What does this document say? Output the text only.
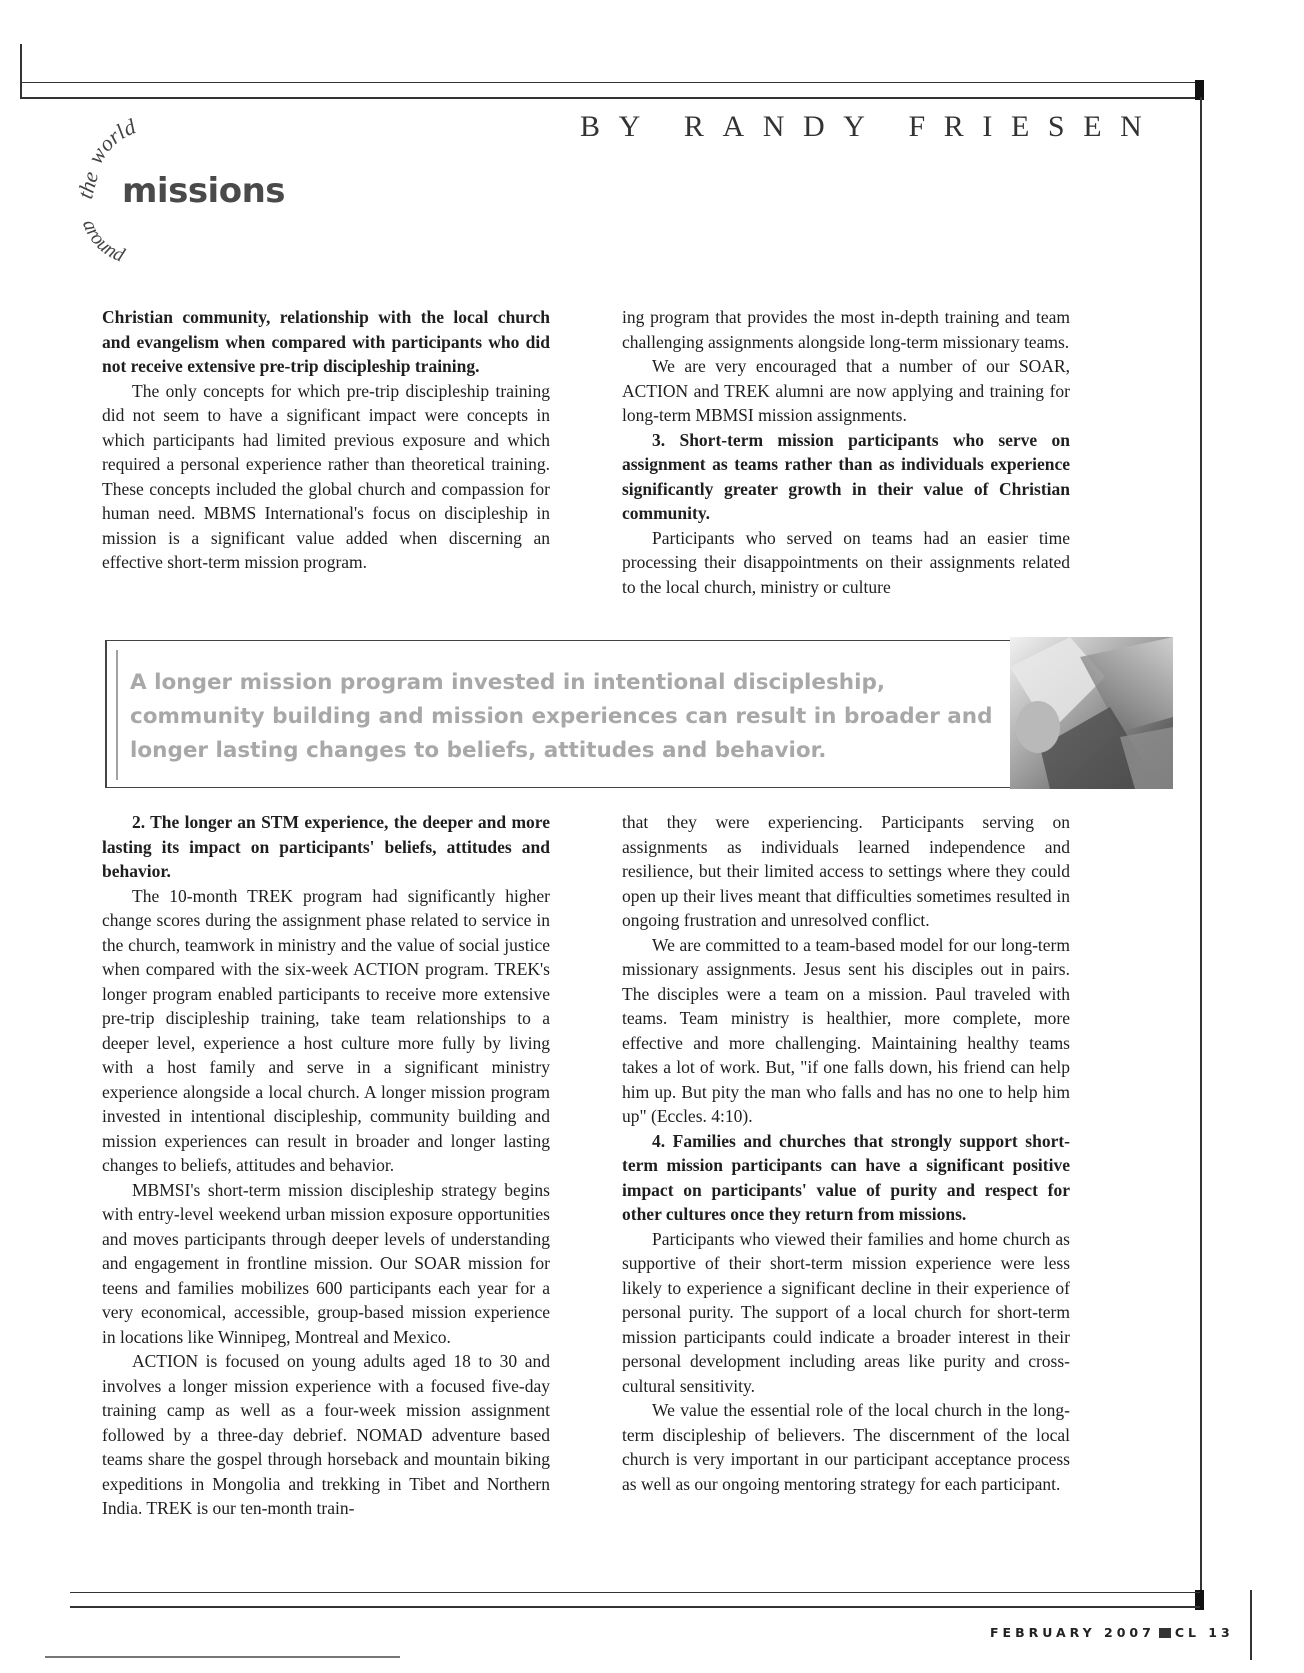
BY RANDY FRIESEN
world
the
around
missions

Christian community, relationship with the local church and evangelism when compared with participants who did not receive extensive pre-trip discipleship training.

The only concepts for which pre-trip discipleship training did not seem to have a significant impact were concepts in which participants had limited previous exposure and which required a personal experience rather than theoretical training. These concepts included the global church and compassion for human need. MBMS International's focus on discipleship in mission is a significant value added when discerning an effective short-term mission program.

ing program that provides the most in-depth training and team challenging assignments alongside long-term missionary teams.

We are very encouraged that a number of our SOAR, ACTION and TREK alumni are now applying and training for long-term MBMSI mission assignments.

3. Short-term mission participants who serve on assignment as teams rather than as individuals experience significantly greater growth in their value of Christian community.

Participants who served on teams had an easier time processing their disappointments on their assignments related to the local church, ministry or culture

A longer mission program invested in intentional discipleship, community building and mission experiences can result in broader and longer lasting changes to beliefs, attitudes and behavior.

2. The longer an STM experience, the deeper and more lasting its impact on participants' beliefs, attitudes and behavior.

The 10-month TREK program had significantly higher change scores during the assignment phase related to service in the church, teamwork in ministry and the value of social justice when compared with the six-week ACTION program. TREK's longer program enabled participants to receive more extensive pre-trip discipleship training, take team relationships to a deeper level, experience a host culture more fully by living with a host family and serve in a significant ministry experience alongside a local church. A longer mission program invested in intentional discipleship, community building and mission experiences can result in broader and longer lasting changes to beliefs, attitudes and behavior.

MBMSI's short-term mission discipleship strategy begins with entry-level weekend urban mission exposure opportunities and moves participants through deeper levels of understanding and engagement in frontline mission. Our SOAR mission for teens and families mobilizes 600 participants each year for a very economical, accessible, group-based mission experience in locations like Winnipeg, Montreal and Mexico.

ACTION is focused on young adults aged 18 to 30 and involves a longer mission experience with a focused five-day training camp as well as a four-week mission assignment followed by a three-day debrief. NOMAD adventure based teams share the gospel through horseback and mountain biking expeditions in Mongolia and trekking in Tibet and Northern India. TREK is our ten-month train-

that they were experiencing. Participants serving on assignments as individuals learned independence and resilience, but their limited access to settings where they could open up their lives meant that difficulties sometimes resulted in ongoing frustration and unresolved conflict.

We are committed to a team-based model for our long-term missionary assignments. Jesus sent his disciples out in pairs. The disciples were a team on a mission. Paul traveled with teams. Team ministry is healthier, more complete, more effective and more challenging. Maintaining healthy teams takes a lot of work. But, "if one falls down, his friend can help him up. But pity the man who falls and has no one to help him up" (Eccles. 4:10).

4. Families and churches that strongly support short-term mission participants can have a significant positive impact on participants' value of purity and respect for other cultures once they return from missions.

Participants who viewed their families and home church as supportive of their short-term mission experience were less likely to experience a significant decline in their experience of personal purity. The support of a local church for short-term mission participants could indicate a broader interest in their personal development including areas like purity and cross-cultural sensitivity.

We value the essential role of the local church in the long-term discipleship of believers. The discernment of the local church is very important in our participant acceptance process as well as our ongoing mentoring strategy for each participant.

FEBRUARY 2007 CL 13
